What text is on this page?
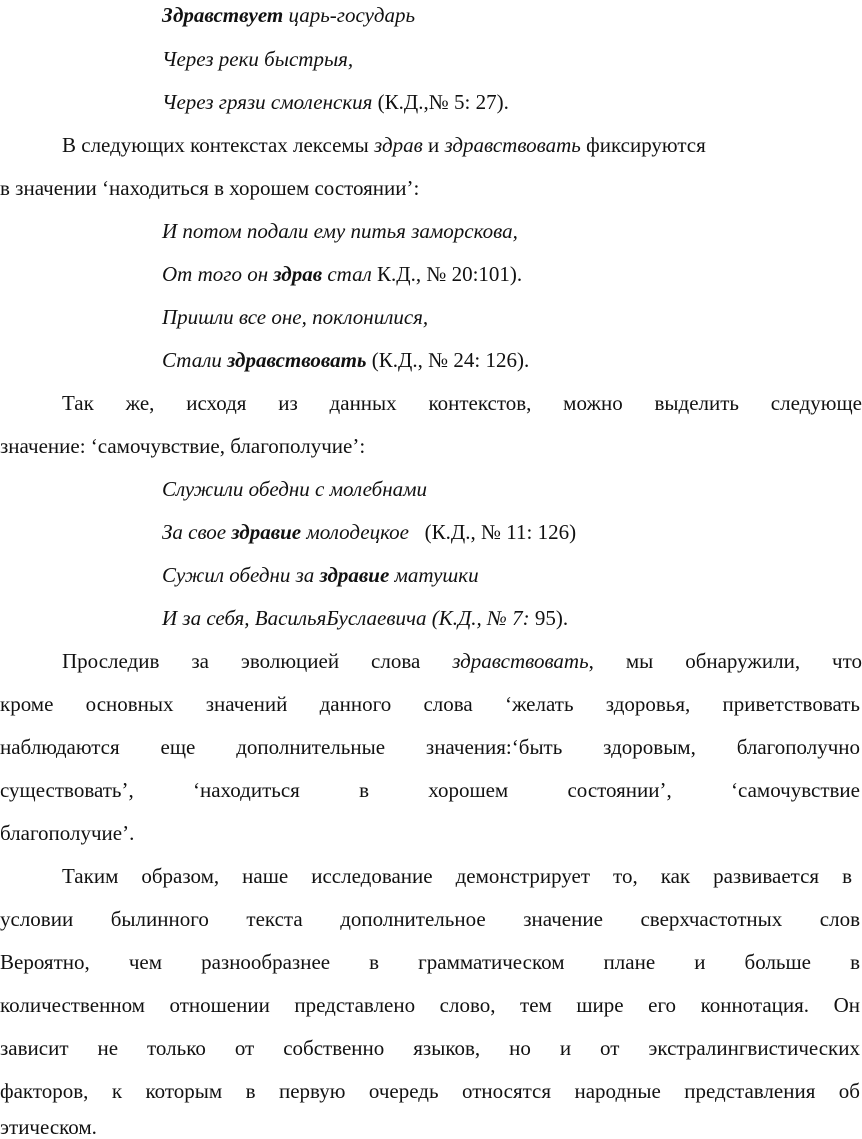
Здравствует царь-государь
Через реки быстрыя,
Через грязи смоленския (К.Д.,№ 5: 27).
В следующих контекстах лексемы здрав и здравствовать фиксируются
в значении ‘находиться в хорошем состоянии’:
И потом подали ему питья заморскова,
От того он здрав стал К.Д., № 20:101).
Пришли все оне, поклонилися,
Стали здравствовать (К.Д., № 24: 126).
Так же, исходя из данных контекстов, можно выделить следующе
значение: ‘самочувствие, благополучие’:
Служили обедни с молебнами
За свое здравие молодецкое   (К.Д., № 11: 126)
Сужил обедни за здравие матушки
И за себя, ВасильяБуслаевича (К.Д., № 7: 95).
Проследив за эволюцией слова здравствовать, мы обнаружили, что
кроме основных значений данного слова ‘желать здоровья, приветствовать
наблюдаются еще дополнительные значения:‘быть здоровым, благополучно
существовать’, ‘находиться в хорошем состоянии’, ‘самочувствие
благополучие’.
Таким образом, наше исследование демонстрирует то, как развивается в
условии былинного текста дополнительное значение сверхчастотных слов
Вероятно, чем разнообразнее в грамматическом плане и больше в
количественном отношении представлено слово, тем шире его коннотация. Он
зависит не только от собственно языков, но и от экстралингвистических
факторов, к которым в первую очередь относятся народные представления об
этическом.
